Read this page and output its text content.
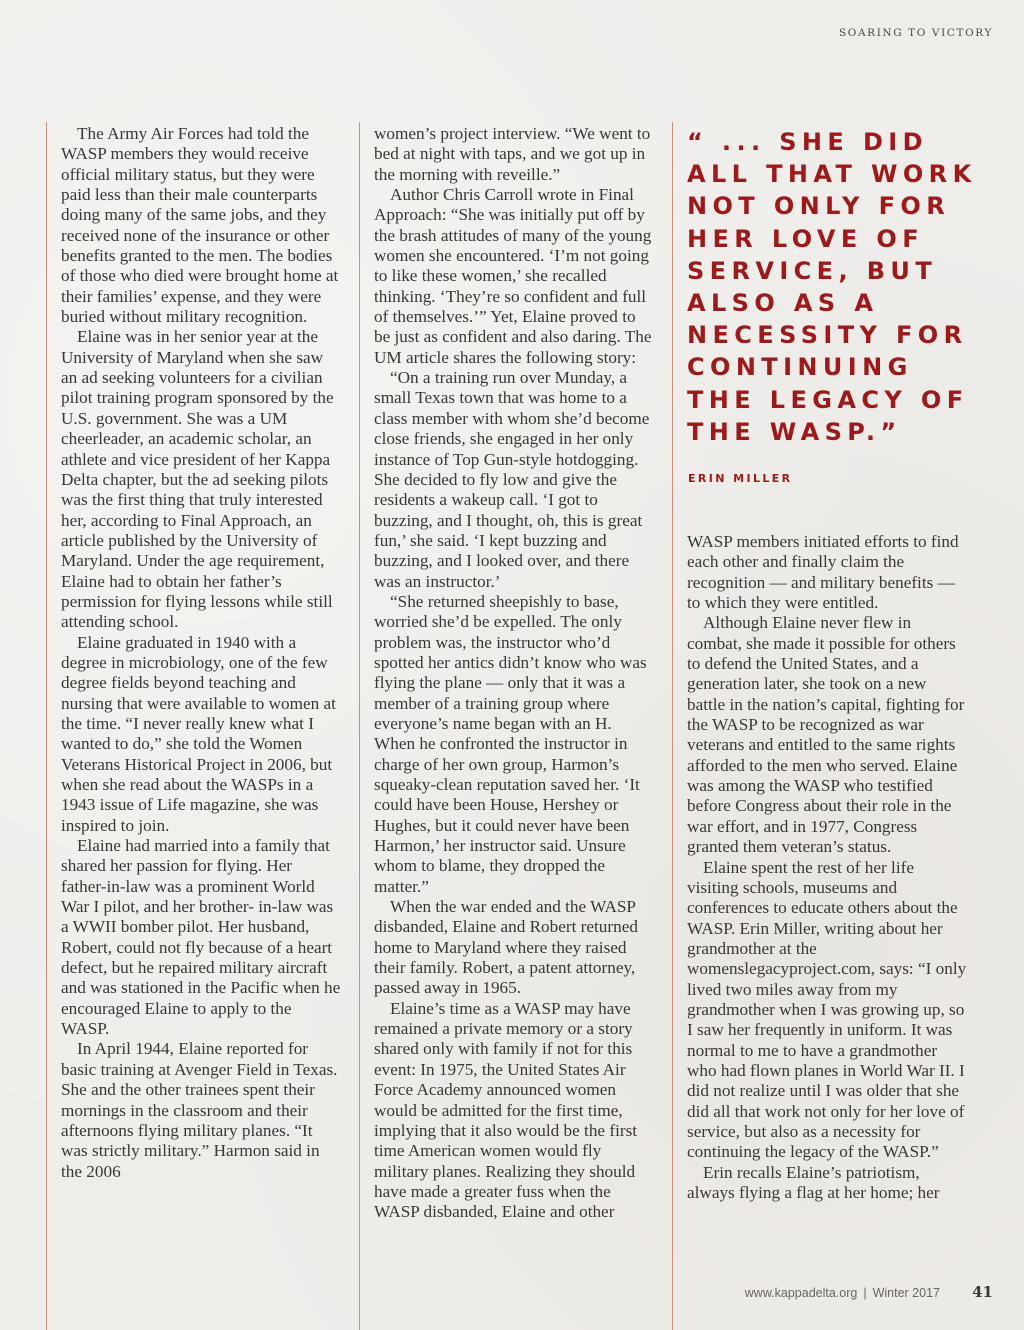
SOARING TO VICTORY

The Army Air Forces had told the WASP members they would receive official military status, but they were paid less than their male counterparts doing many of the same jobs, and they received none of the insurance or other benefits granted to the men. The bodies of those who died were brought home at their families’ expense, and they were buried without military recognition.

Elaine was in her senior year at the University of Maryland when she saw an ad seeking volunteers for a civilian pilot training program sponsored by the U.S. government. She was a UM cheerleader, an academic scholar, an athlete and vice president of her Kappa Delta chapter, but the ad seeking pilots was the first thing that truly interested her, according to Final Approach, an article published by the University of Maryland. Under the age requirement, Elaine had to obtain her father’s permission for flying lessons while still attending school.

Elaine graduated in 1940 with a degree in microbiology, one of the few degree fields beyond teaching and nursing that were available to women at the time. “I never really knew what I wanted to do,” she told the Women Veterans Historical Project in 2006, but when she read about the WASPs in a 1943 issue of Life magazine, she was inspired to join.

Elaine had married into a family that shared her passion for flying. Her father-in-law was a prominent World War I pilot, and her brother- in-law was a WWII bomber pilot. Her husband, Robert, could not fly because of a heart defect, but he repaired military aircraft and was stationed in the Pacific when he encouraged Elaine to apply to the WASP.

In April 1944, Elaine reported for basic training at Avenger Field in Texas. She and the other trainees spent their mornings in the classroom and their afternoons flying military planes. “It was strictly military.” Harmon said in the 2006

women’s project interview. “We went to bed at night with taps, and we got up in the morning with reveille.”

Author Chris Carroll wrote in Final Approach: “She was initially put off by the brash attitudes of many of the young women she encountered. ‘I’m not going to like these women,’ she recalled thinking. ‘They’re so confident and full of themselves.’” Yet, Elaine proved to be just as confident and also daring. The UM article shares the following story:

“On a training run over Munday, a small Texas town that was home to a class member with whom she’d become close friends, she engaged in her only instance of Top Gun-style hotdogging. She decided to fly low and give the residents a wakeup call. ‘I got to buzzing, and I thought, oh, this is great fun,’ she said. ‘I kept buzzing and buzzing, and I looked over, and there was an instructor.’

“She returned sheepishly to base, worried she’d be expelled. The only problem was, the instructor who’d spotted her antics didn’t know who was flying the plane — only that it was a member of a training group where everyone’s name began with an H. When he confronted the instructor in charge of her own group, Harmon’s squeaky-clean reputation saved her. ‘It could have been House, Hershey or Hughes, but it could never have been Harmon,’ her instructor said. Unsure whom to blame, they dropped the matter.”

When the war ended and the WASP disbanded, Elaine and Robert returned home to Maryland where they raised their family. Robert, a patent attorney, passed away in 1965.

Elaine’s time as a WASP may have remained a private memory or a story shared only with family if not for this event: In 1975, the United States Air Force Academy announced women would be admitted for the first time, implying that it also would be the first time American women would fly military planes. Realizing they should have made a greater fuss when the WASP disbanded, Elaine and other

“ ... SHE DID ALL THAT WORK NOT ONLY FOR HER LOVE OF SERVICE, BUT ALSO AS A NECESSITY FOR CONTINUING THE LEGACY OF THE WASP.”

ERIN MILLER

WASP members initiated efforts to find each other and finally claim the recognition — and military benefits — to which they were entitled.

Although Elaine never flew in combat, she made it possible for others to defend the United States, and a generation later, she took on a new battle in the nation’s capital, fighting for the WASP to be recognized as war veterans and entitled to the same rights afforded to the men who served. Elaine was among the WASP who testified before Congress about their role in the war effort, and in 1977, Congress granted them veteran’s status.

Elaine spent the rest of her life visiting schools, museums and conferences to educate others about the WASP. Erin Miller, writing about her grandmother at the womenslegacyproject.com, says: “I only lived two miles away from my grandmother when I was growing up, so I saw her frequently in uniform. It was normal to me to have a grandmother who had flown planes in World War II. I did not realize until I was older that she did all that work not only for her love of service, but also as a necessity for continuing the legacy of the WASP.”

Erin recalls Elaine’s patriotism, always flying a flag at her home; her

www.kappadelta.org | Winter 2017 41
